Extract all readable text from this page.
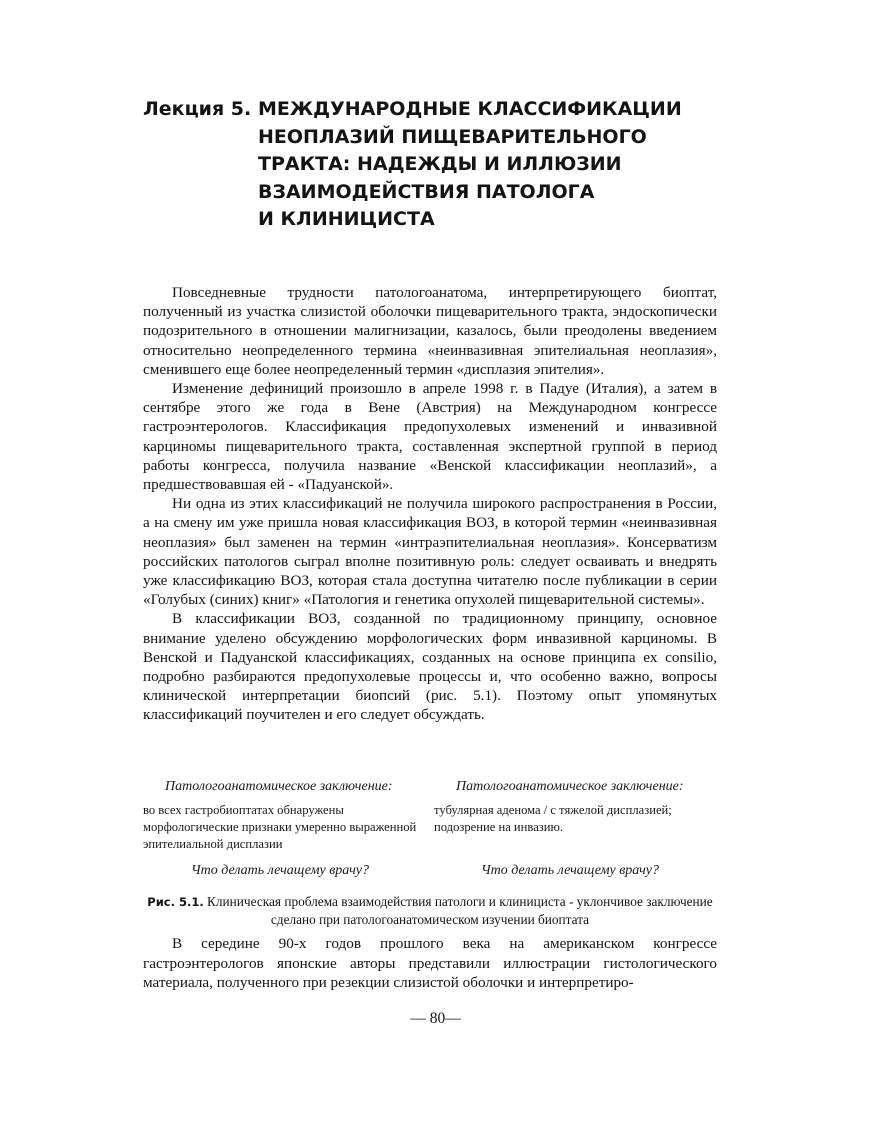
Лекция 5. МЕЖДУНАРОДНЫЕ КЛАССИФИКАЦИИ
НЕОПЛАЗИЙ ПИЩЕВАРИТЕЛЬНОГО
ТРАКТА: НАДЕЖДЫ И ИЛЛЮЗИИ
ВЗАИМОДЕЙСТВИЯ ПАТОЛОГА
И КЛИНИЦИСТА

Повседневные трудности патологоанатома, интерпретирующего биоптат, полученный из участка слизистой оболочки пищеварительного тракта, эндоскопически подозрительного в отношении малигнизации, казалось, были преодолены введением относительно неопределенного термина «неинвазивная эпителиальная неоплазия», сменившего еще более неопределенный термин «дисплазия эпителия».

Изменение дефиниций произошло в апреле 1998 г. в Падуе (Италия), а затем в сентябре этого же года в Вене (Австрия) на Международном конгрессе гастроэнтерологов. Классификация предопухолевых изменений и инвазивной карциномы пищеварительного тракта, составленная экспертной группой в период работы конгресса, получила название «Венской классификации неоплазий», а предшествовавшая ей - «Падуанской».

Ни одна из этих классификаций не получила широкого распространения в России, а на смену им уже пришла новая классификация ВОЗ, в которой термин «неинвазивная неоплазия» был заменен на термин «интраэпителиальная неоплазия». Консерватизм российских патологов сыграл вполне позитивную роль: следует осваивать и внедрять уже классификацию ВОЗ, которая стала доступна читателю после публикации в серии «Голубых (синих) книг» «Патология и генетика опухолей пищеварительной системы».

В классификации ВОЗ, созданной по традиционному принципу, основное внимание уделено обсуждению морфологических форм инвазивной карциномы. В Венской и Падуанской классификациях, созданных на основе принципа ex consilio, подробно разбираются предопухолевые процессы и, что особенно важно, вопросы клинической интерпретации биопсий (рис. 5.1). Поэтому опыт упомянутых классификаций поучителен и его следует обсуждать.

Патологоанатомическое заключение:
во всех гастробиоптатах обнаружены морфологические признаки умеренно выраженной эпителиальной дисплазии
Патологоанатомическое заключение:
тубулярная аденома / с тяжелой дисплазией; подозрение на инвазию.
Что делать лечащему врачу?	Что делать лечащему врачу?
Рис. 5.1. Клиническая проблема взаимодействия патологи и клинициста - уклончивое заключение сделано при патологоанатомическом изучении биоптата

В середине 90-х годов прошлого века на американском конгрессе гастроэнтерологов японские авторы представили иллюстрации гистологического материала, полученного при резекции слизистой оболочки и интерпретиро-

— 80—
